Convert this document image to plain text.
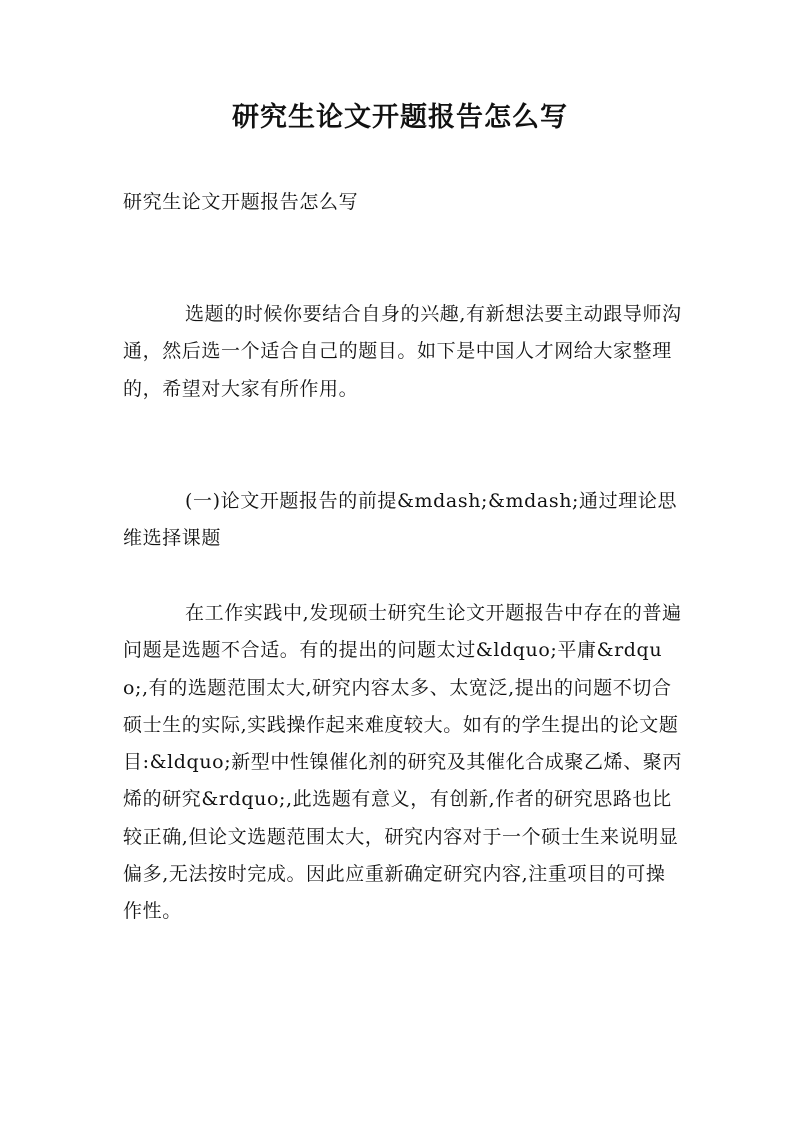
研究生论文开题报告怎么写

研究生论文开题报告怎么写

选题的时候你要结合自身的兴趣,有新想法要主动跟导师沟通，然后选一个适合自己的题目。如下是中国人才网给大家整理的，希望对大家有所作用。

(一)论文开题报告的前提&mdash;&mdash;通过理论思维选择课题

在工作实践中,发现硕士研究生论文开题报告中存在的普遍问题是选题不合适。有的提出的问题太过&ldquo;平庸&rdquo;,有的选题范围太大,研究内容太多、太宽泛,提出的问题不切合硕士生的实际,实践操作起来难度较大。如有的学生提出的论文题目:&ldquo;新型中性镍催化剂的研究及其催化合成聚乙烯、聚丙烯的研究&rdquo;,此选题有意义，有创新,作者的研究思路也比较正确,但论文选题范围太大，研究内容对于一个硕士生来说明显偏多,无法按时完成。因此应重新确定研究内容,注重项目的可操作性。
